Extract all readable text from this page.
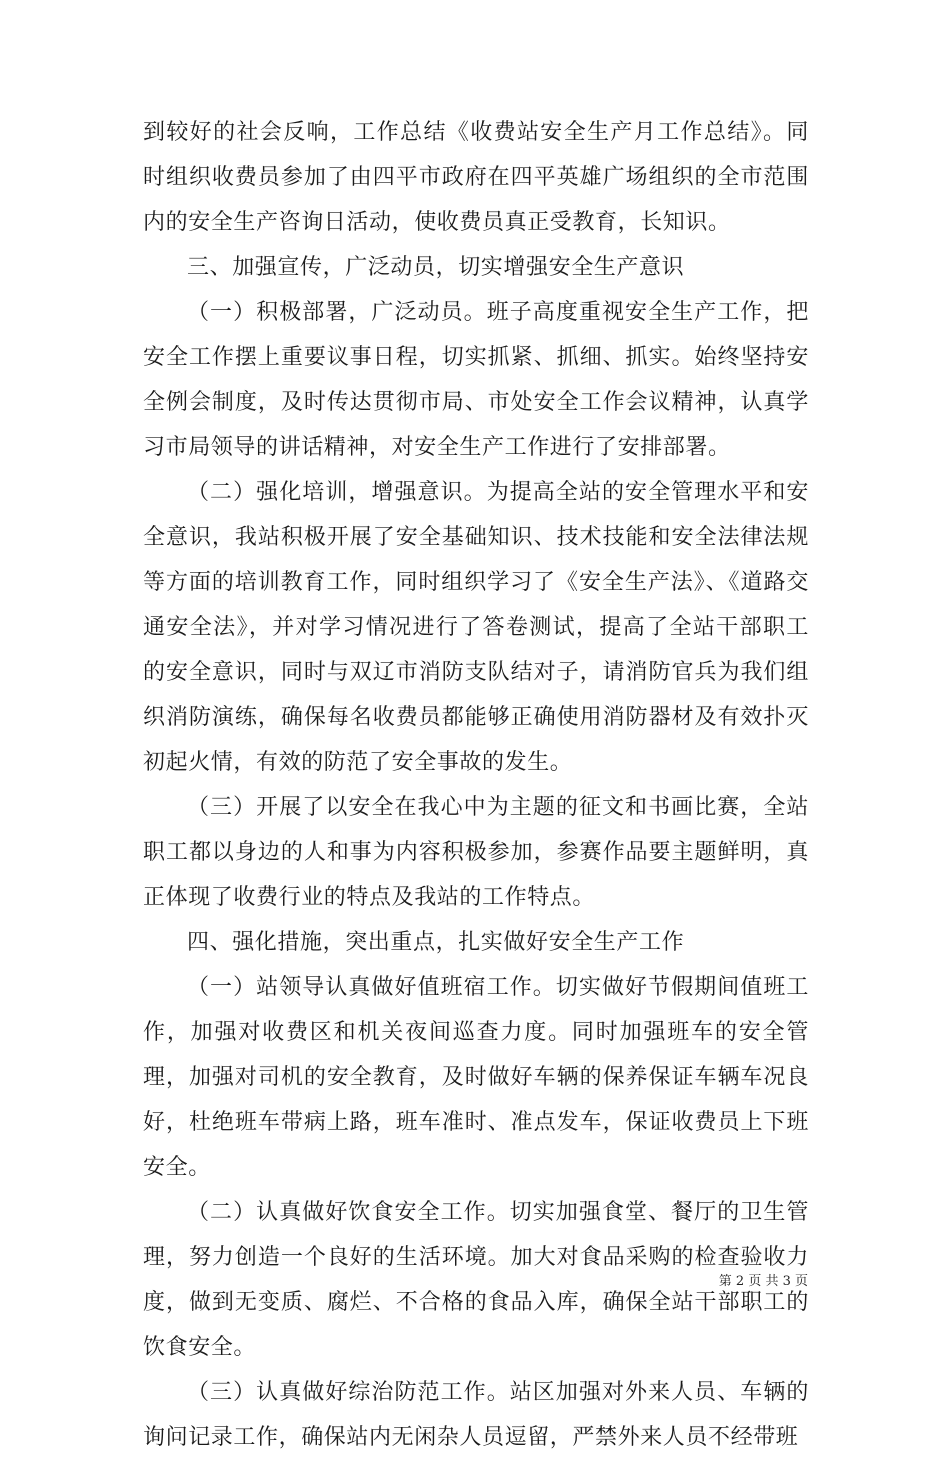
到较好的社会反响，工作总结《收费站安全生产月工作总结》。同时组织收费员参加了由四平市政府在四平英雄广场组织的全市范围内的安全生产咨询日活动，使收费员真正受教育，长知识。

三、加强宣传，广泛动员，切实增强安全生产意识

（一）积极部署，广泛动员。班子高度重视安全生产工作，把安全工作摆上重要议事日程，切实抓紧、抓细、抓实。始终坚持安全例会制度，及时传达贯彻市局、市处安全工作会议精神，认真学习市局领导的讲话精神，对安全生产工作进行了安排部署。

（二）强化培训，增强意识。为提高全站的安全管理水平和安全意识，我站积极开展了安全基础知识、技术技能和安全法律法规等方面的培训教育工作，同时组织学习了《安全生产法》、《道路交通安全法》，并对学习情况进行了答卷测试，提高了全站干部职工的安全意识，同时与双辽市消防支队结对子，请消防官兵为我们组织消防演练，确保每名收费员都能够正确使用消防器材及有效扑灭初起火情，有效的防范了安全事故的发生。

（三）开展了以安全在我心中为主题的征文和书画比赛，全站职工都以身边的人和事为内容积极参加，参赛作品要主题鲜明，真正体现了收费行业的特点及我站的工作特点。

四、强化措施，突出重点，扎实做好安全生产工作

（一）站领导认真做好值班宿工作。切实做好节假期间值班工作，加强对收费区和机关夜间巡查力度。同时加强班车的安全管理，加强对司机的安全教育，及时做好车辆的保养保证车辆车况良好，杜绝班车带病上路，班车准时、准点发车，保证收费员上下班安全。

（二）认真做好饮食安全工作。切实加强食堂、餐厅的卫生管理，努力创造一个良好的生活环境。加大对食品采购的检查验收力度，做到无变质、腐烂、不合格的食品入库，确保全站干部职工的饮食安全。

（三）认真做好综治防范工作。站区加强对外来人员、车辆的询问记录工作，确保站内无闲杂人员逗留，严禁外来人员不经带班

第 2 页 共 3 页
